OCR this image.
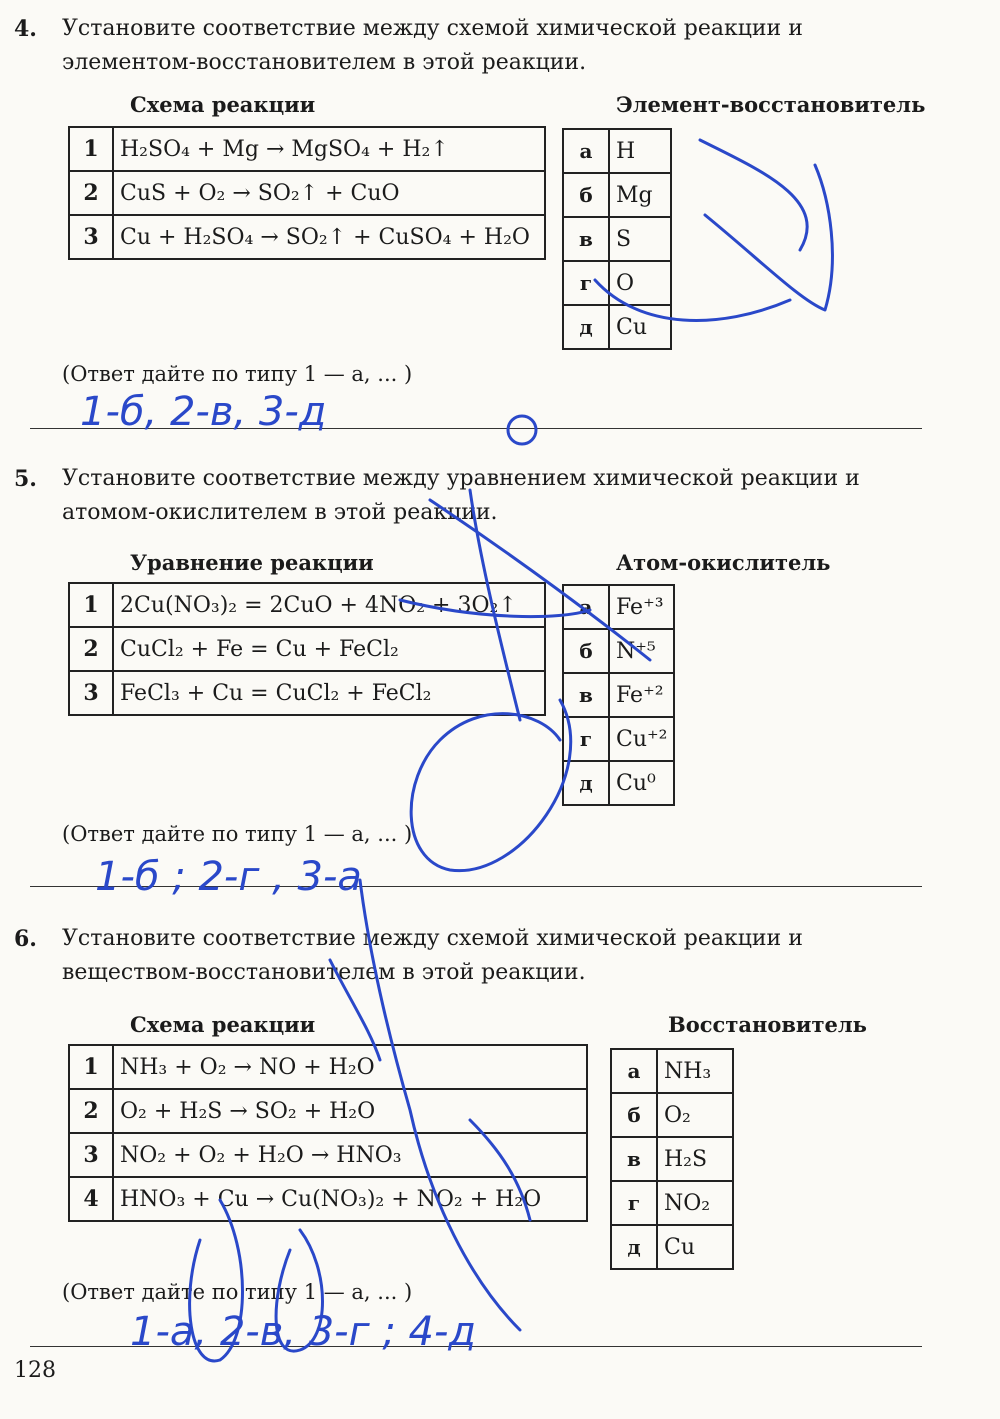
4. Установите соответствие между схемой химической реакции и элементом-восстановителем в этой реакции.
Схема реакции	Элемент-восстановитель
1	H₂SO₄ + Mg → MgSO₄ + H₂↑
2	CuS + O₂ → SO₂↑ + CuO
3	Cu + H₂SO₄ → SO₂↑ + CuSO₄ + H₂O
а	H
б	Mg
в	S
г	O
д	Cu
(Ответ дайте по типу 1 — а, ... )
5. Установите соответствие между уравнением химической реакции и атомом-окислителем в этой реакции.
Уравнение реакции	Атом-окислитель
1	2Cu(NO₃)₂ = 2CuO + 4NO₂ + 3O₂↑
2	CuCl₂ + Fe = Cu + FeCl₂
3	FeCl₃ + Cu = CuCl₂ + FeCl₂
а	Fe⁺³
б	N⁺⁵
в	Fe⁺²
г	Cu⁺²
д	Cu⁰
(Ответ дайте по типу 1 — а, ... )
6. Установите соответствие между схемой химической реакции и веществом-восстановителем в этой реакции.
Схема реакции	Восстановитель
1	NH₃ + O₂ → NO + H₂O
2	O₂ + H₂S → SO₂ + H₂O
3	NO₂ + O₂ + H₂O → HNO₃
4	HNO₃ + Cu → Cu(NO₃)₂ + NO₂ + H₂O
а	NH₃
б	O₂
в	H₂S
г	NO₂
д	Cu
(Ответ дайте по типу 1 — а, ... )
128
1-б, 2-в, 3-д
1-б ; 2-г , 3-а
1-а, 2-в, 3-г ; 4-д
